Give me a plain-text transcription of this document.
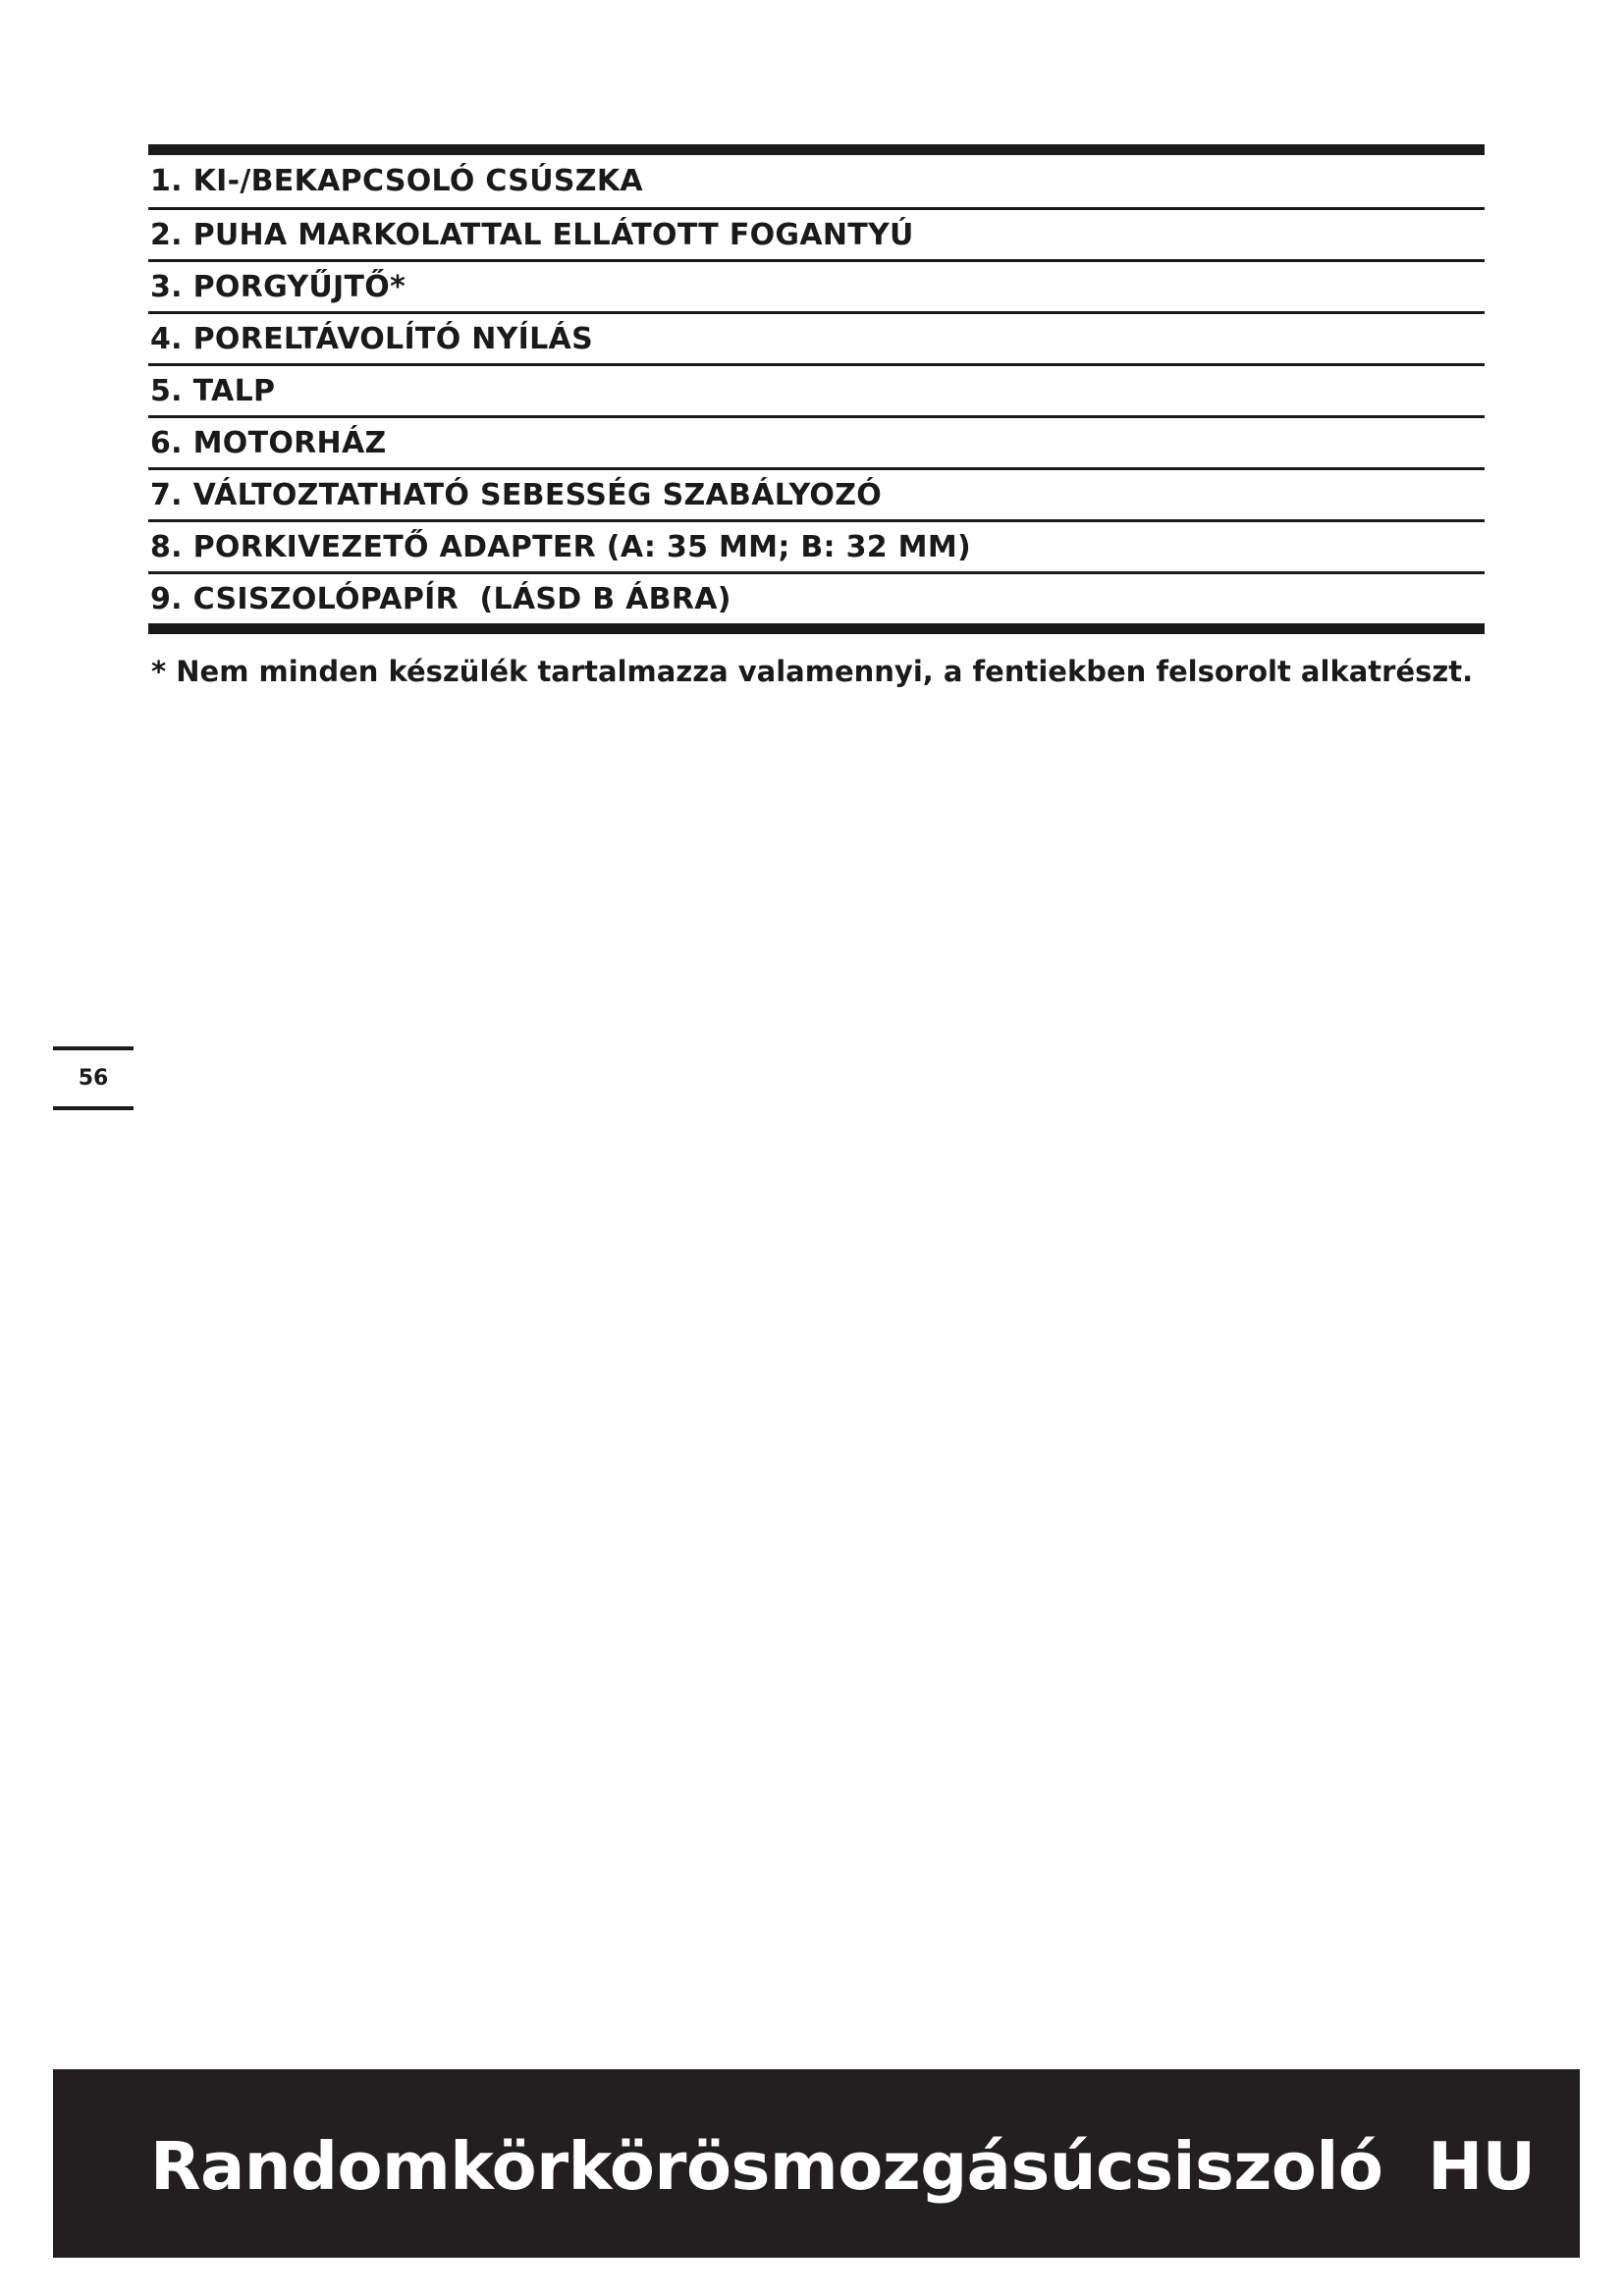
1. KI-/BEKAPCSOLÓ CSÚSZKA
2. PUHA MARKOLATTAL ELLÁTOTT FOGANTYÚ
3. PORGYŰJTŐ*
4. PORELTÁVOLÍTÓ NYÍLÁS
5. TALP
6. MOTORHÁZ
7. VÁLTOZTATHATÓ SEBESSÉG SZABÁLYOZÓ
8. PORKIVEZETŐ ADAPTER (A: 35 MM; B: 32 MM)
9. CSISZOLÓPAPÍR  (LÁSD B ÁBRA)
* Nem minden készülék tartalmazza valamennyi, a fentiekben felsorolt alkatrészt.
56
Randomkörkörösmozgásúcsiszoló  HU
